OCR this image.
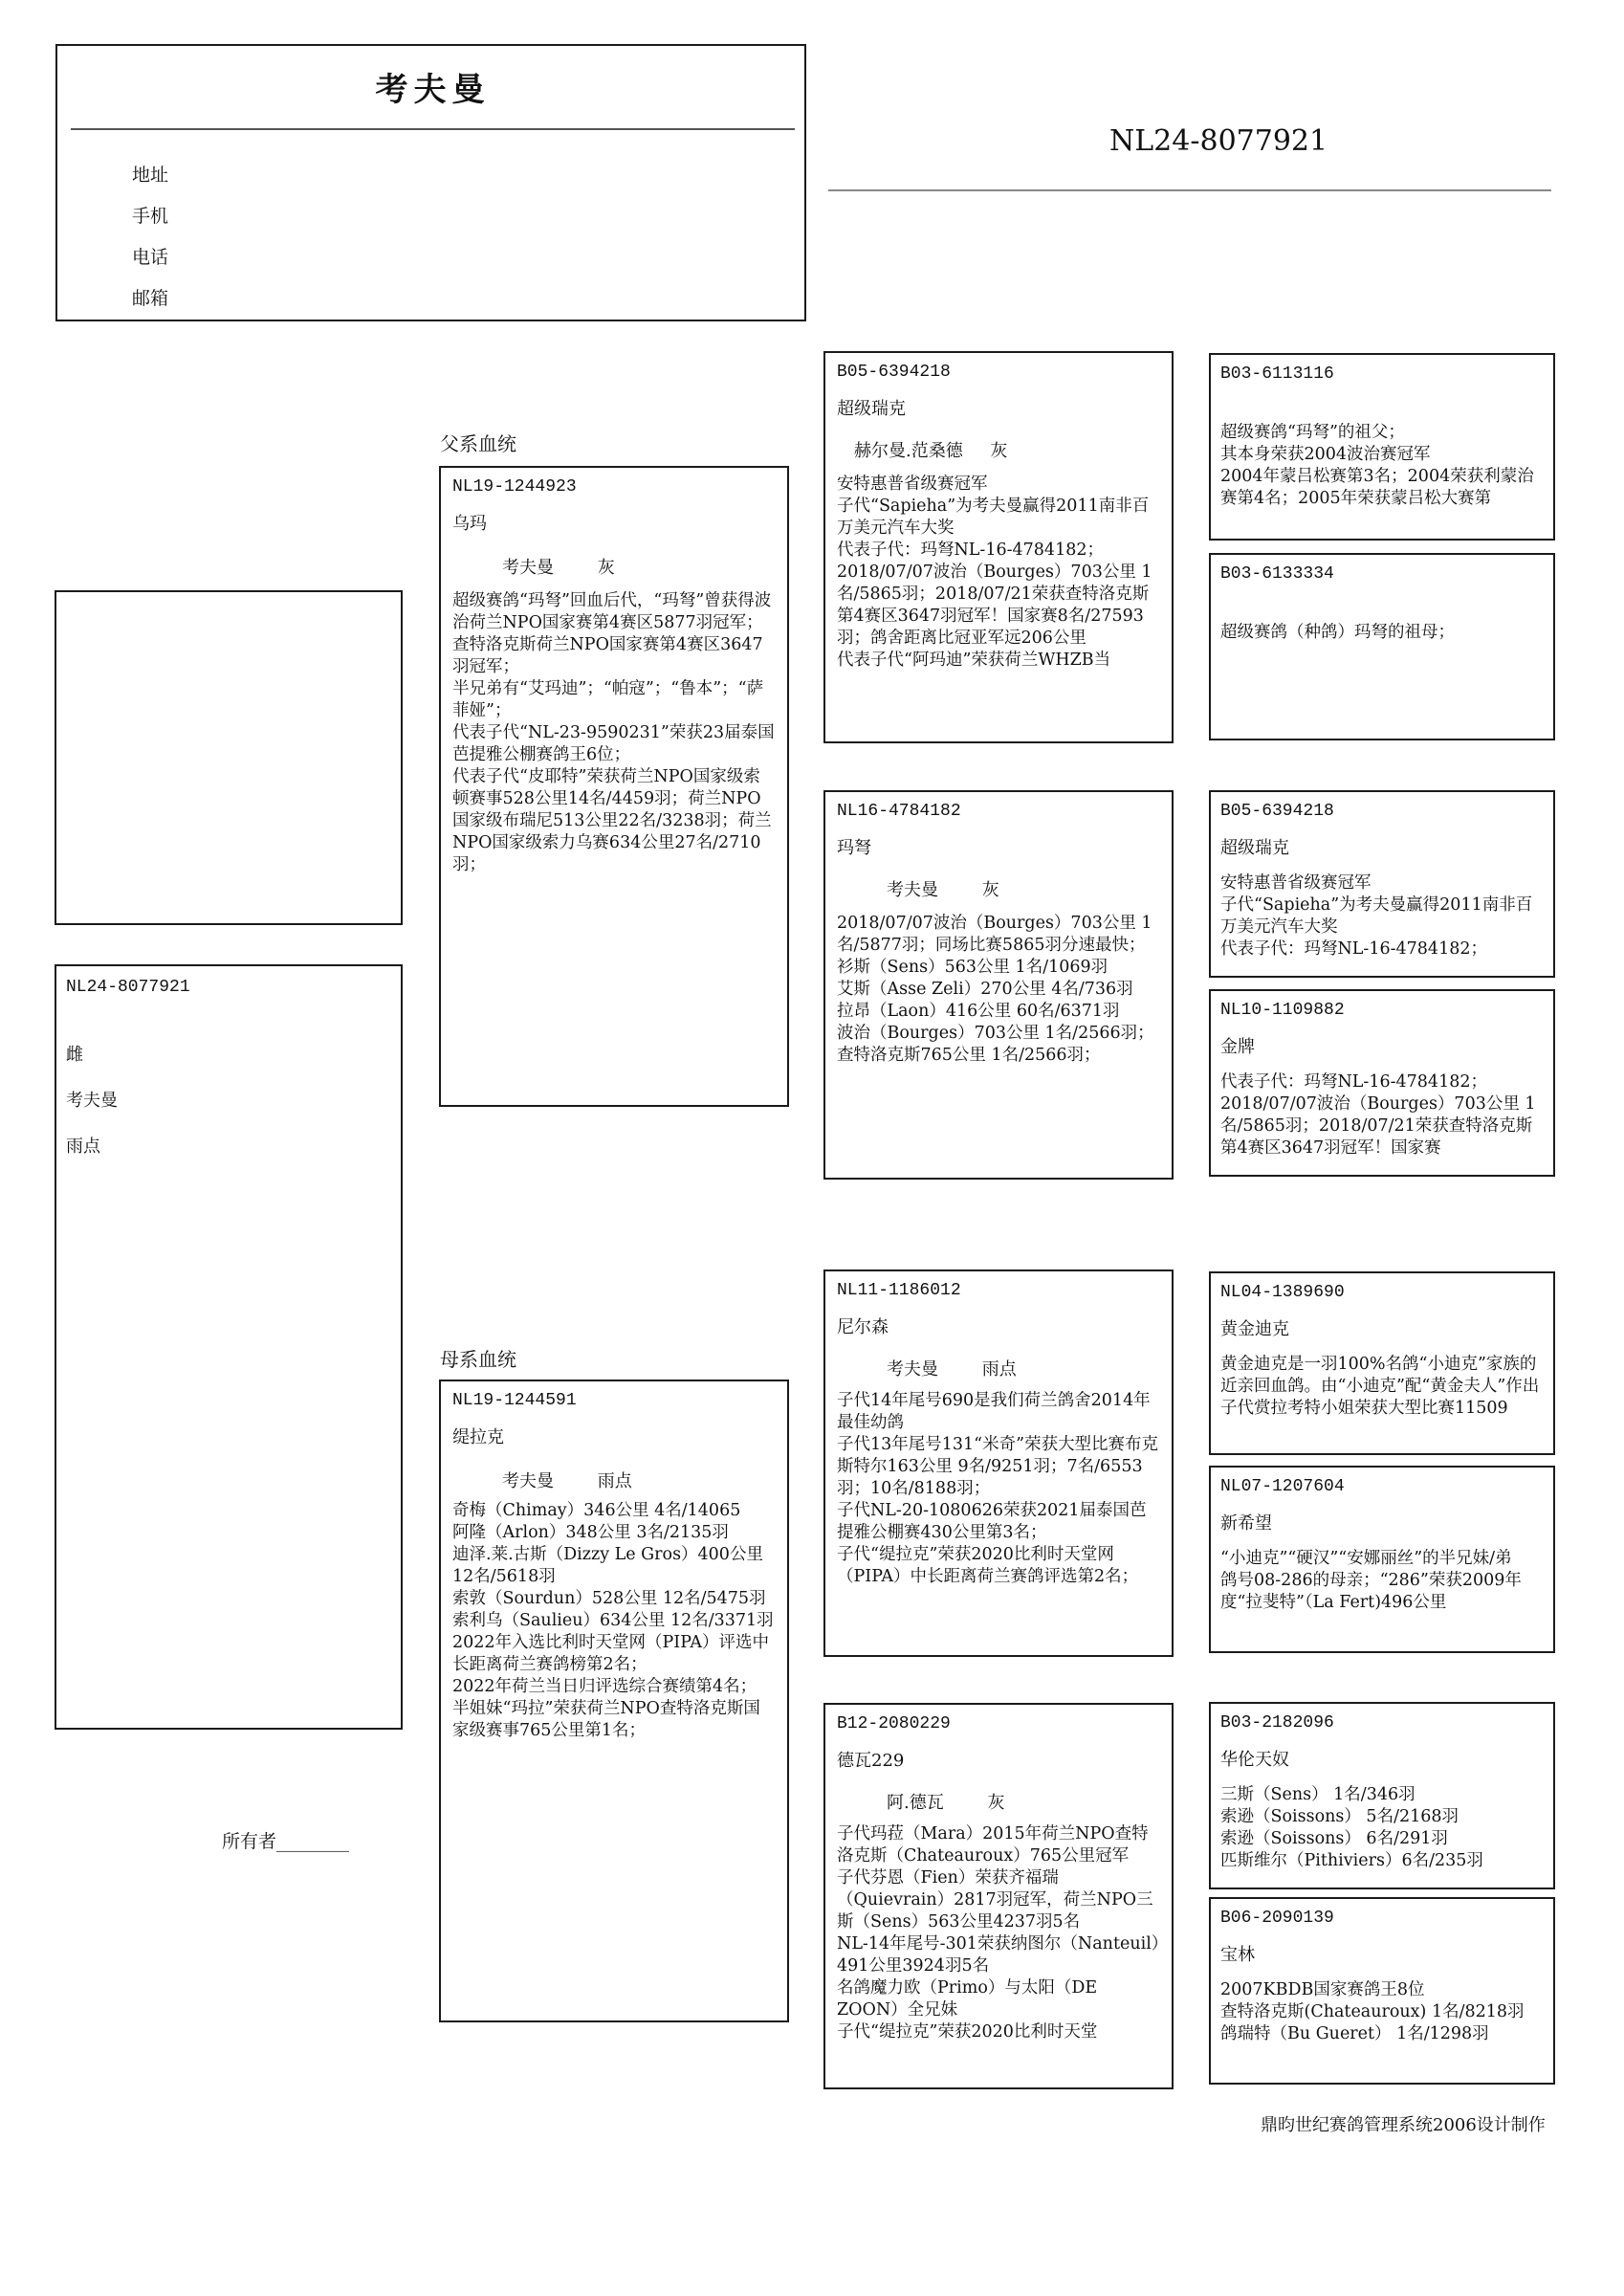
考夫曼
地址
手机
电话
邮箱
NL24-8077921
NL24-8077921
雌
考夫曼
雨点
所有者________
父系血统
母系血统
NL19-1244923
乌玛
考夫曼        灰
超级赛鸽“玛弩”回血后代，“玛弩”曾获得波治荷兰NPO国家赛第4赛区5877羽冠军；
查特洛克斯荷兰NPO国家赛第4赛区3647羽冠军；
半兄弟有“艾玛迪”；“帕寇”；“鲁本”；“萨菲娅”；
代表子代“NL-23-9590231”荣获23届泰国芭提雅公棚赛鸽王6位；
代表子代“皮耶特”荣获荷兰NPO国家级索顿赛事528公里14名/4459羽；荷兰NPO国家级布瑞尼513公里22名/3238羽；荷兰NPO国家级索力乌赛634公里27名/2710羽；
NL19-1244591
缇拉克
考夫曼        雨点
奇梅（Chimay）346公里 4名/14065
阿隆（Arlon）348公里 3名/2135羽
迪泽.莱.古斯（Dizzy Le Gros）400公里 12名/5618羽
索敦（Sourdun）528公里 12名/5475羽
索利乌（Saulieu）634公里 12名/3371羽
2022年入选比利时天堂网（PIPA）评选中长距离荷兰赛鸽榜第2名；
2022年荷兰当日归评选综合赛绩第4名；
半姐妹“玛拉”荣获荷兰NPO查特洛克斯国家级赛事765公里第1名；
B05-6394218
超级瑞克
赫尔曼.范桑德     灰
安特惠普省级赛冠军
子代“Sapieha”为考夫曼赢得2011南非百万美元汽车大奖
代表子代：玛弩NL-16-4784182；
2018/07/07波治（Bourges）703公里 1名/5865羽；2018/07/21荣获查特洛克斯第4赛区3647羽冠军！国家赛8名/27593羽；鸽舍距离比冠亚军远206公里
代表子代“阿玛迪”荣获荷兰WHZB当
NL16-4784182
玛弩
考夫曼        灰
2018/07/07波治（Bourges）703公里 1名/5877羽；同场比赛5865羽分速最快；
衫斯（Sens）563公里 1名/1069羽
艾斯（Asse Zeli）270公里 4名/736羽
拉昂（Laon）416公里 60名/6371羽
波治（Bourges）703公里 1名/2566羽；
查特洛克斯765公里 1名/2566羽；
NL11-1186012
尼尔森
考夫曼        雨点
子代14年尾号690是我们荷兰鸽舍2014年最佳幼鸽
子代13年尾号131“米奇”荣获大型比赛布克斯特尔163公里 9名/9251羽；7名/6553羽；10名/8188羽；
子代NL-20-1080626荣获2021届泰国芭提雅公棚赛430公里第3名；
子代“缇拉克”荣获2020比利时天堂网（PIPA）中长距离荷兰赛鸽评选第2名；
B12-2080229
德瓦229
阿.德瓦        灰
子代玛菈（Mara）2015年荷兰NPO查特洛克斯（Chateauroux）765公里冠军
子代芬恩（Fien）荣获齐福瑞（Quievrain）2817羽冠军，荷兰NPO三斯（Sens）563公里4237羽5名
NL-14年尾号-301荣获纳图尔（Nanteuil）491公里3924羽5名
名鸽魔力欧（Primo）与太阳（DE ZOON）全兄妹
子代“缇拉克”荣获2020比利时天堂
B03-6113116
超级赛鸽“玛弩”的祖父；
其本身荣获2004波治赛冠军
2004年蒙吕松赛第3名；2004荣获利蒙治赛第4名；2005年荣获蒙吕松大赛第
B03-6133334
超级赛鸽（种鸽）玛弩的祖母；
B05-6394218
超级瑞克
安特惠普省级赛冠军
子代“Sapieha”为考夫曼赢得2011南非百万美元汽车大奖
代表子代：玛弩NL-16-4784182；
NL10-1109882
金牌
代表子代：玛弩NL-16-4784182；
2018/07/07波治（Bourges）703公里 1名/5865羽；2018/07/21荣获查特洛克斯第4赛区3647羽冠军！国家赛
NL04-1389690
黄金迪克
黄金迪克是一羽100%名鸽“小迪克”家族的近亲回血鸽。由“小迪克”配“黄金夫人”作出
子代赏拉考特小姐荣获大型比赛11509
NL07-1207604
新希望
“小迪克”“硬汉”“安娜丽丝”的半兄妹/弟
鸽号08-286的母亲；“286”荣获2009年度“拉斐特”（La Fert)496公里
B03-2182096
华伦天奴
三斯（Sens） 1名/346羽
索逊（Soissons） 5名/2168羽
索逊（Soissons） 6名/291羽
匹斯维尔（Pithiviers）6名/235羽
B06-2090139
宝林
2007KBDB国家赛鸽王8位
查特洛克斯(Chateauroux) 1名/8218羽
鸽瑞特（Bu Gueret） 1名/1298羽
鼎昀世纪赛鸽管理系统2006设计制作
